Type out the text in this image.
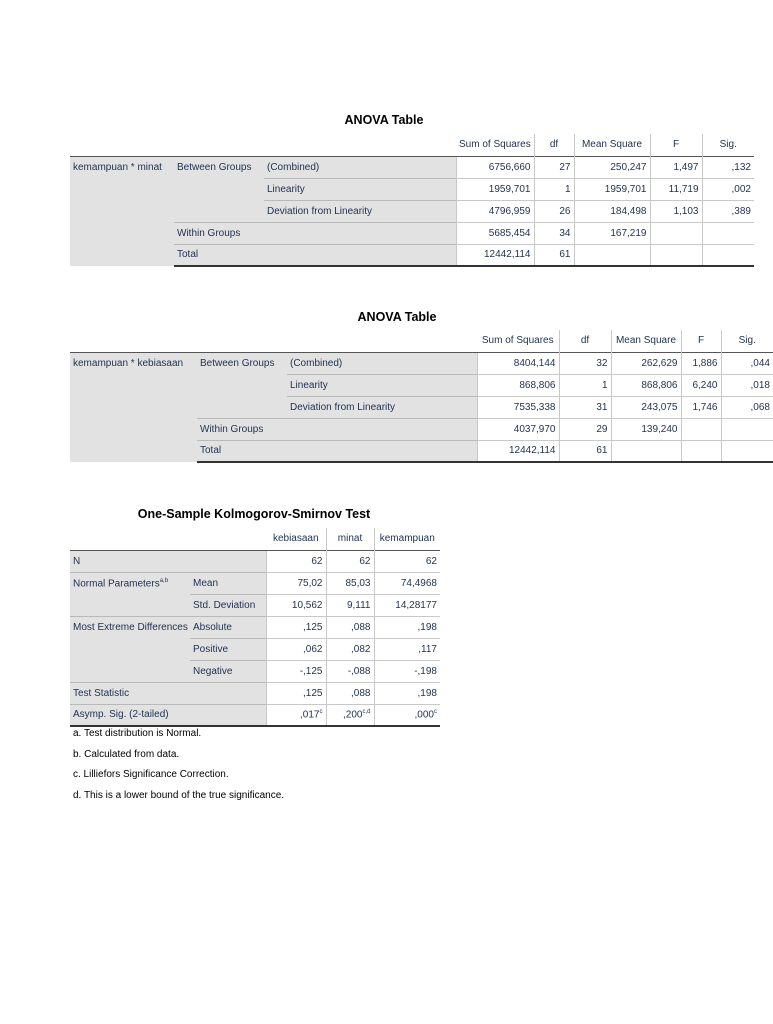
ANOVA Table
			Sum of Squares	df	Mean Square	F	Sig.
kemampuan * minat	Between Groups	(Combined)	6756,660	27	250,247	1,497	,132
		Linearity	1959,701	1	1959,701	11,719	,002
		Deviation from Linearity	4796,959	26	184,498	1,103	,389
	Within Groups		5685,454	34	167,219		
	Total		12442,114	61			
ANOVA Table
			Sum of Squares	df	Mean Square	F	Sig.
kemampuan * kebiasaan	Between Groups	(Combined)	8404,144	32	262,629	1,886	,044
		Linearity	868,806	1	868,806	6,240	,018
		Deviation from Linearity	7535,338	31	243,075	1,746	,068
	Within Groups		4037,970	29	139,240		
	Total		12442,114	61			
One-Sample Kolmogorov-Smirnov Test
		kebiasaan	minat	kemampuan
N		62	62	62
Normal Parameters$^{a,b}$	Mean	75,02	85,03	74,4968
	Std. Deviation	10,562	9,111	14,28177
Most Extreme Differences	Absolute	,125	,088	,198
	Positive	,062	,082	,117
	Negative	-,125	-,088	-,198
Test Statistic		,125	,088	,198
Asymp. Sig. (2-tailed)		,017$^c$	,200$^{c,d}$	,000$^c$
a. Test distribution is Normal.
b. Calculated from data.
c. Lilliefors Significance Correction.
d. This is a lower bound of the true significance.
